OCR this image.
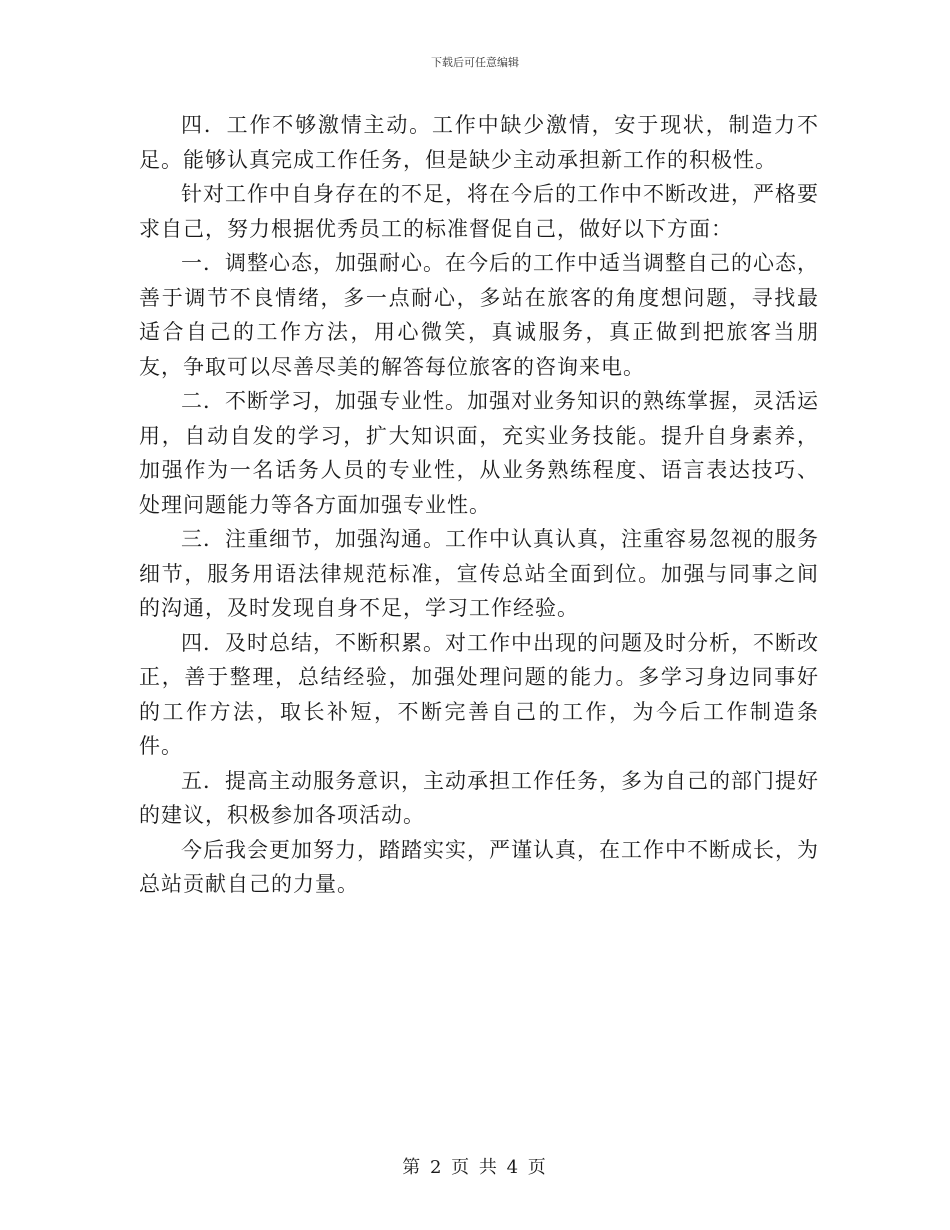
下载后可任意编辑

四．工作不够激情主动。工作中缺少激情，安于现状，制造力不足。能够认真完成工作任务，但是缺少主动承担新工作的积极性。

针对工作中自身存在的不足，将在今后的工作中不断改进，严格要求自己，努力根据优秀员工的标准督促自己，做好以下方面：

一．调整心态，加强耐心。在今后的工作中适当调整自己的心态，善于调节不良情绪，多一点耐心，多站在旅客的角度想问题，寻找最适合自己的工作方法，用心微笑，真诚服务，真正做到把旅客当朋友，争取可以尽善尽美的解答每位旅客的咨询来电。

二．不断学习，加强专业性。加强对业务知识的熟练掌握，灵活运用，自动自发的学习，扩大知识面，充实业务技能。提升自身素养，加强作为一名话务人员的专业性，从业务熟练程度、语言表达技巧、处理问题能力等各方面加强专业性。

三．注重细节，加强沟通。工作中认真认真，注重容易忽视的服务细节，服务用语法律规范标准，宣传总站全面到位。加强与同事之间的沟通，及时发现自身不足，学习工作经验。

四．及时总结，不断积累。对工作中出现的问题及时分析，不断改正，善于整理，总结经验，加强处理问题的能力。多学习身边同事好的工作方法，取长补短，不断完善自己的工作，为今后工作制造条件。

五．提高主动服务意识，主动承担工作任务，多为自己的部门提好的建议，积极参加各项活动。

今后我会更加努力，踏踏实实，严谨认真，在工作中不断成长，为总站贡献自己的力量。

第 2 页 共 4 页
